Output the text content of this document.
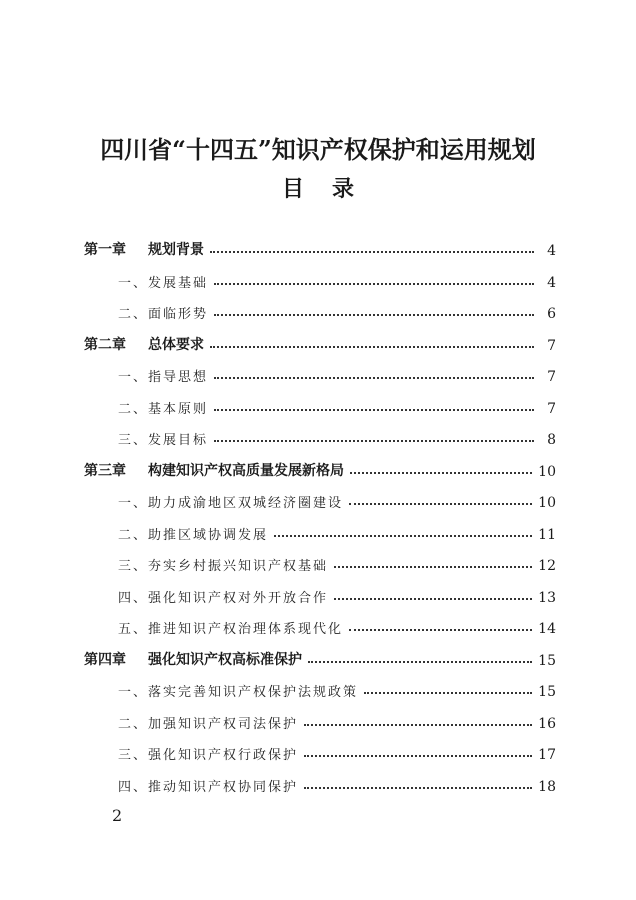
四川省“十四五”知识产权保护和运用规划
目录
第一章 规划背景	4
一、发展基础	4
二、面临形势	6
第二章 总体要求	7
一、指导思想	7
二、基本原则	7
三、发展目标	8
第三章 构建知识产权高质量发展新格局	10
一、助力成渝地区双城经济圈建设	10
二、助推区域协调发展	11
三、夯实乡村振兴知识产权基础	12
四、强化知识产权对外开放合作	13
五、推进知识产权治理体系现代化	14
第四章 强化知识产权高标准保护	15
一、落实完善知识产权保护法规政策	15
二、加强知识产权司法保护	16
三、强化知识产权行政保护	17
四、推动知识产权协同保护	18
2
